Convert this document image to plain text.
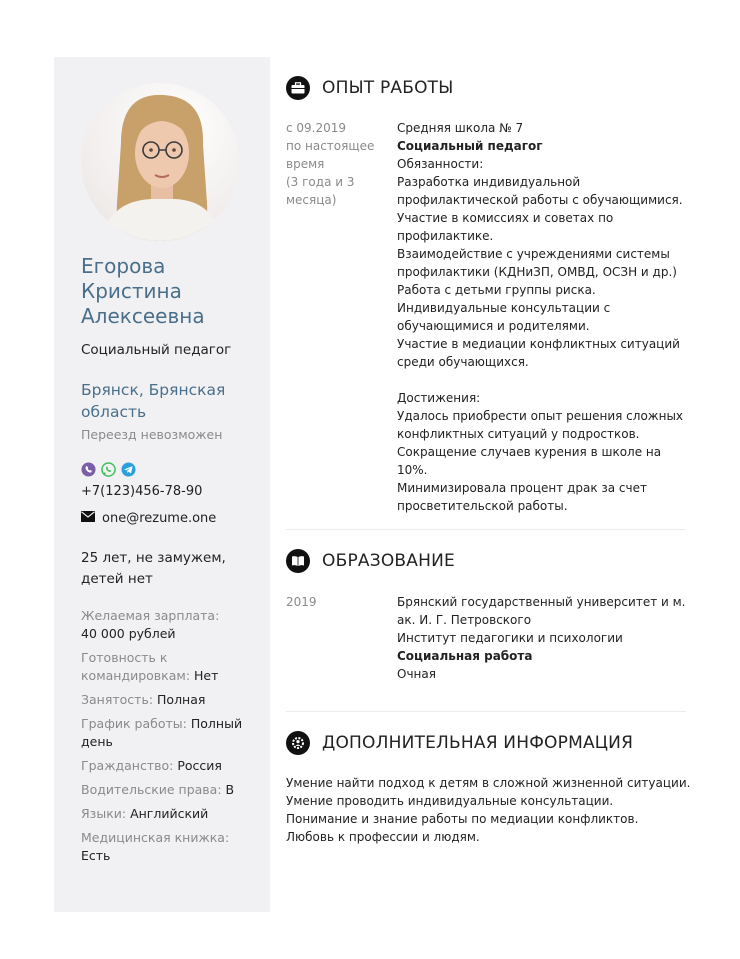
Егорова
Кристина
Алексеевна
Социальный педагог
Брянск, Брянская область
Переезд невозможен
+7(123)456-78-90
one@rezume.one
25 лет, не замужем, детей нет
Желаемая зарплата:
40 000 рублей
Готовность к командировкам: Нет
Занятость: Полная
График работы: Полный день
Гражданство: Россия
Водительские права: B
Языки: Английский
Медицинская книжка:
Есть
ОПЫТ РАБОТЫ
с 09.2019
по настоящее
время
(3 года и 3
месяца)
Средняя школа № 7
Социальный педагог
Обязанности:
Разработка индивидуальной
профилактической работы с обучающимися.
Участие в комиссиях и советах по
профилактике.
Взаимодействие с учреждениями системы
профилактики (КДНиЗП, ОМВД, ОСЗН и др.)
Работа с детьми группы риска.
Индивидуальные консультации с
обучающимися и родителями.
Участие в медиации конфликтных ситуаций
среди обучающихся.
Достижения:
Удалось приобрести опыт решения сложных
конфликтных ситуаций у подростков.
Сокращение случаев курения в школе на 10%.
Минимизировала процент драк за счет
просветительской работы.
ОБРАЗОВАНИЕ
2019	Брянский государственный университет и м.
ак. И. Г. Петровского
Институт педагогики и психологии
Социальная работа
Очная
ДОПОЛНИТЕЛЬНАЯ ИНФОРМАЦИЯ
Умение найти подход к детям в сложной жизненной ситуации.
Умение проводить индивидуальные консультации.
Понимание и знание работы по медиации конфликтов.
Любовь к профессии и людям.
